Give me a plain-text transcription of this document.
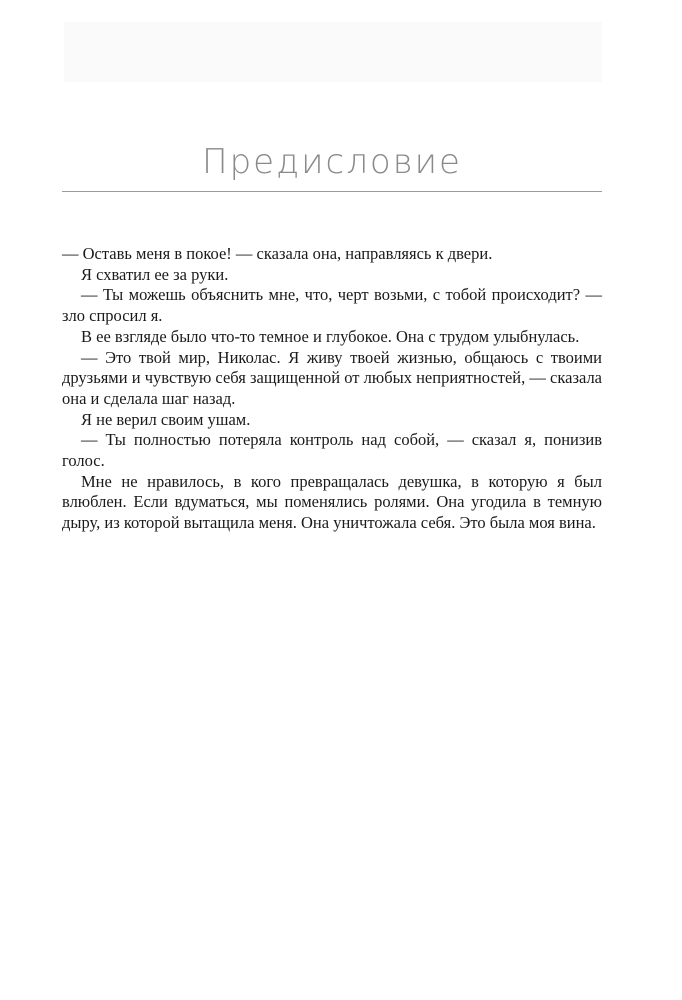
Предисловие

— Оставь меня в покое! — сказала она, направляясь к двери.

Я схватил ее за руки.

— Ты можешь объяснить мне, что, черт возьми, с тобой происходит? — зло спросил я.

В ее взгляде было что-то темное и глубокое. Она с трудом улыбнулась.

— Это твой мир, Николас. Я живу твоей жизнью, общаюсь с твоими друзьями и чувствую себя защищенной от любых неприятностей, — сказала она и сделала шаг назад.

Я не верил своим ушам.

— Ты полностью потеряла контроль над собой, — сказал я, понизив голос.

Мне не нравилось, в кого превращалась девушка, в которую я был влюблен. Если вдуматься, мы поменялись ролями. Она угодила в темную дыру, из которой вытащила меня. Она уничтожала себя. Это была моя вина.
